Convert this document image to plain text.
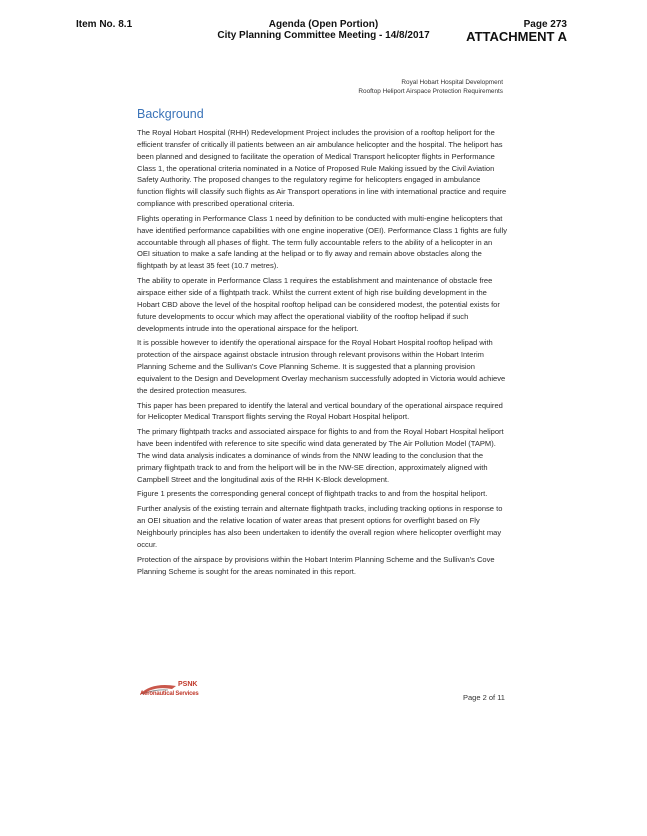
Item No. 8.1	Agenda (Open Portion)
City Planning Committee Meeting - 14/8/2017
Page 273
ATTACHMENT A
Royal Hobart Hospital Development
Rooftop Heliport Airspace Protection Requirements
Background

The Royal Hobart Hospital (RHH) Redevelopment Project includes the provision of a rooftop heliport for the efficient transfer of critically ill patients between an air ambulance helicopter and the hospital. The heliport has been planned and designed to facilitate the operation of Medical Transport helicopter flights in Performance Class 1, the operational criteria nominated in a Notice of Proposed Rule Making issued by the Civil Aviation Safety Authority. The proposed changes to the regulatory regime for helicopters engaged in ambulance function flights will classify such flights as Air Transport operations in line with international practice and require compliance with prescribed operational criteria.

Flights operating in Performance Class 1 need by definition to be conducted with multi-engine helicopters that have identified performance capabilities with one engine inoperative (OEI). Performance Class 1 fights are fully accountable through all phases of flight. The term fully accountable refers to the ability of a helicopter in an OEI situation to make a safe landing at the helipad or to fly away and remain above obstacles along the flightpath by at least 35 feet (10.7 metres).

The ability to operate in Performance Class 1 requires the establishment and maintenance of obstacle free airspace either side of a flightpath track. Whilst the current extent of high rise building development in the Hobart CBD above the level of the hospital rooftop helipad can be considered modest, the potential exists for future developments to occur which may affect the operational viability of the rooftop helipad if such developments intrude into the operational airspace for the heliport.

It is possible however to identify the operational airspace for the Royal Hobart Hospital rooftop helipad with protection of the airspace against obstacle intrusion through relevant provisons within the Hobart Interim Planning Scheme and the Sullivan's Cove Planning Scheme. It is suggested that a planning provision equivalent to the Design and Development Overlay mechanism successfully adopted in Victoria would achieve the desired protection measures.

This paper has been prepared to identify the lateral and vertical boundary of the operational airspace required for Helicopter Medical Transport flights serving the Royal Hobart Hospital heliport.

The primary flightpath tracks and associated airspace for flights to and from the Royal Hobart Hospital heliport have been indentifed with reference to site specific wind data generated by The Air Pollution Model (TAPM). The wind data analysis indicates a dominance of winds from the NNW leading to the conclusion that the primary flightpath track to and from the heliport will be in the NW-SE direction, approximately aligned with Campbell Street and the longitudinal axis of the RHH K-Block development.

Figure 1 presents the corresponding general concept of flightpath tracks to and from the hospital heliport.

Further analysis of the existing terrain and alternate flightpath tracks, including tracking options in response to an OEI situation and the relative location of water areas that present options for overflight based on Fly Neighbourly principles has also been undertaken to identify the overall region where helicopter overflight may occur.

Protection of the airspace by provisions within the Hobart Interim Planning Scheme and the Sullivan's Cove Planning Scheme is sought for the areas nominated in this report.

PSNK
Aeronautical Services	Page 2 of 11
